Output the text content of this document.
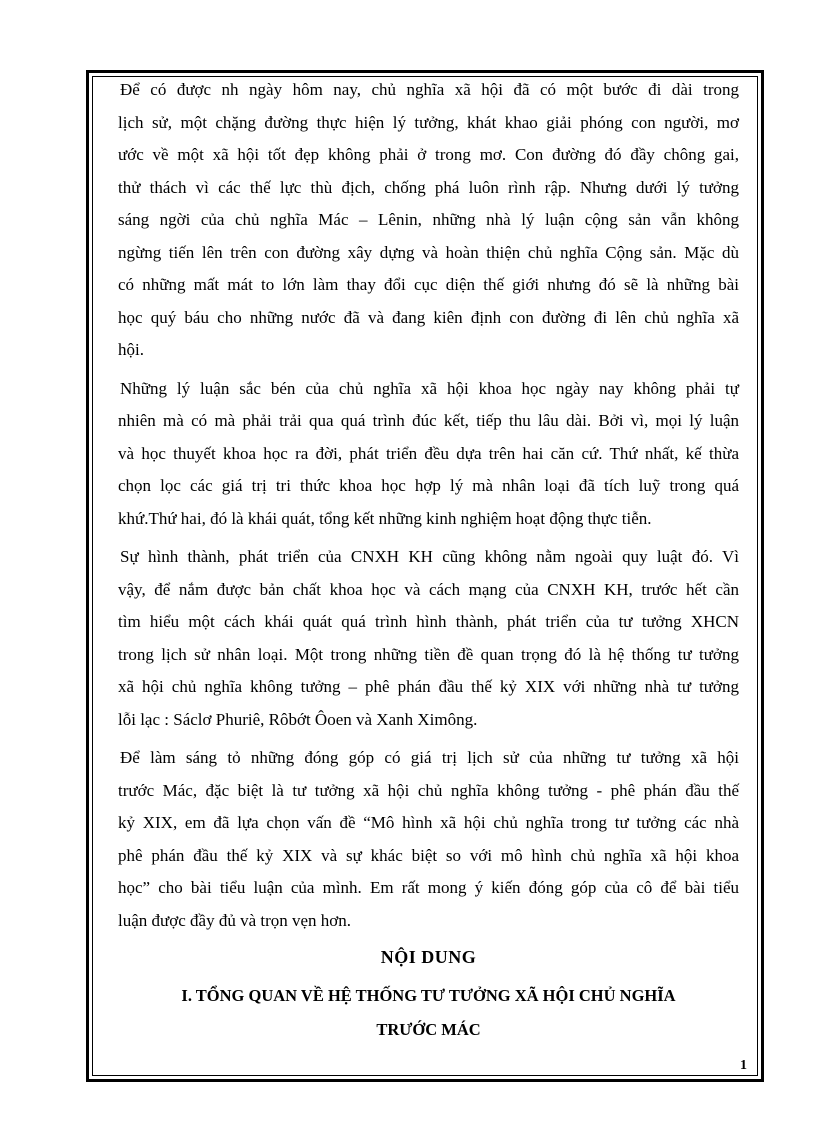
Để có được nh ngày hôm nay, chủ nghĩa xã hội đã có một bước đi dài trong
lịch sử, một chặng đường thực hiện lý tưởng, khát khao giải phóng con người, mơ
ước về một xã hội tốt đẹp không phải ở trong mơ. Con đường đó đầy chông gai,
thử thách vì các thế lực thù địch, chống phá luôn rình rập. Nhưng dưới lý tưởng
sáng ngời của chủ nghĩa Mác – Lênin, những nhà lý luận cộng sản vẫn không
ngừng tiến lên trên con đường xây dựng và hoàn thiện chủ nghĩa Cộng sản. Mặc dù
có những mất mát to lớn làm thay đổi cục diện thế giới nhưng đó sẽ là những bài
học quý báu cho những nước đã và đang kiên định con đường đi lên chủ nghĩa xã
hội.
Những lý luận sắc bén của chủ nghĩa xã hội khoa học ngày nay không phải tự
nhiên mà có mà phải trải qua quá trình đúc kết, tiếp thu lâu dài. Bởi vì, mọi lý luận
và học thuyết khoa học ra đời, phát triển đều dựa trên hai căn cứ. Thứ nhất, kế thừa
chọn lọc các giá trị tri thức khoa học hợp lý mà nhân loại đã tích luỹ trong quá
khứ.Thứ hai, đó là khái quát, tổng kết những kinh nghiệm hoạt động thực tiễn.
Sự hình thành, phát triển của CNXH KH cũng không nằm ngoài quy luật đó. Vì
vậy, để nắm được bản chất khoa học và cách mạng của CNXH KH, trước hết cần
tìm hiểu một cách khái quát quá trình hình thành, phát triển của tư tưởng XHCN
trong lịch sử nhân loại. Một trong những tiền đề quan trọng đó là hệ thống tư tưởng
xã hội chủ nghĩa không tưởng – phê phán đầu thế kỷ XIX với những nhà tư tưởng
lỗi lạc : Sáclơ Phuriê, Rôbớt Ôoen và Xanh Ximông.
Để làm sáng tỏ những đóng góp có giá trị lịch sử của những tư tưởng xã hội
trước Mác, đặc biệt là tư tưởng xã hội chủ nghĩa không tưởng - phê phán đầu thế
kỷ XIX, em đã lựa chọn vấn đề “Mô hình xã hội chủ nghĩa trong tư tưởng các nhà
phê phán đầu thế kỷ XIX và sự khác biệt so với mô hình chủ nghĩa xã hội khoa
học” cho bài tiểu luận của mình. Em rất mong ý kiến đóng góp của cô để bài tiểu
luận được đầy đủ và trọn vẹn hơn.

NỘI DUNG

I. TỔNG QUAN VỀ HỆ THỐNG TƯ TƯỞNG XÃ HỘI CHỦ NGHĨA
TRƯỚC MÁC

1
